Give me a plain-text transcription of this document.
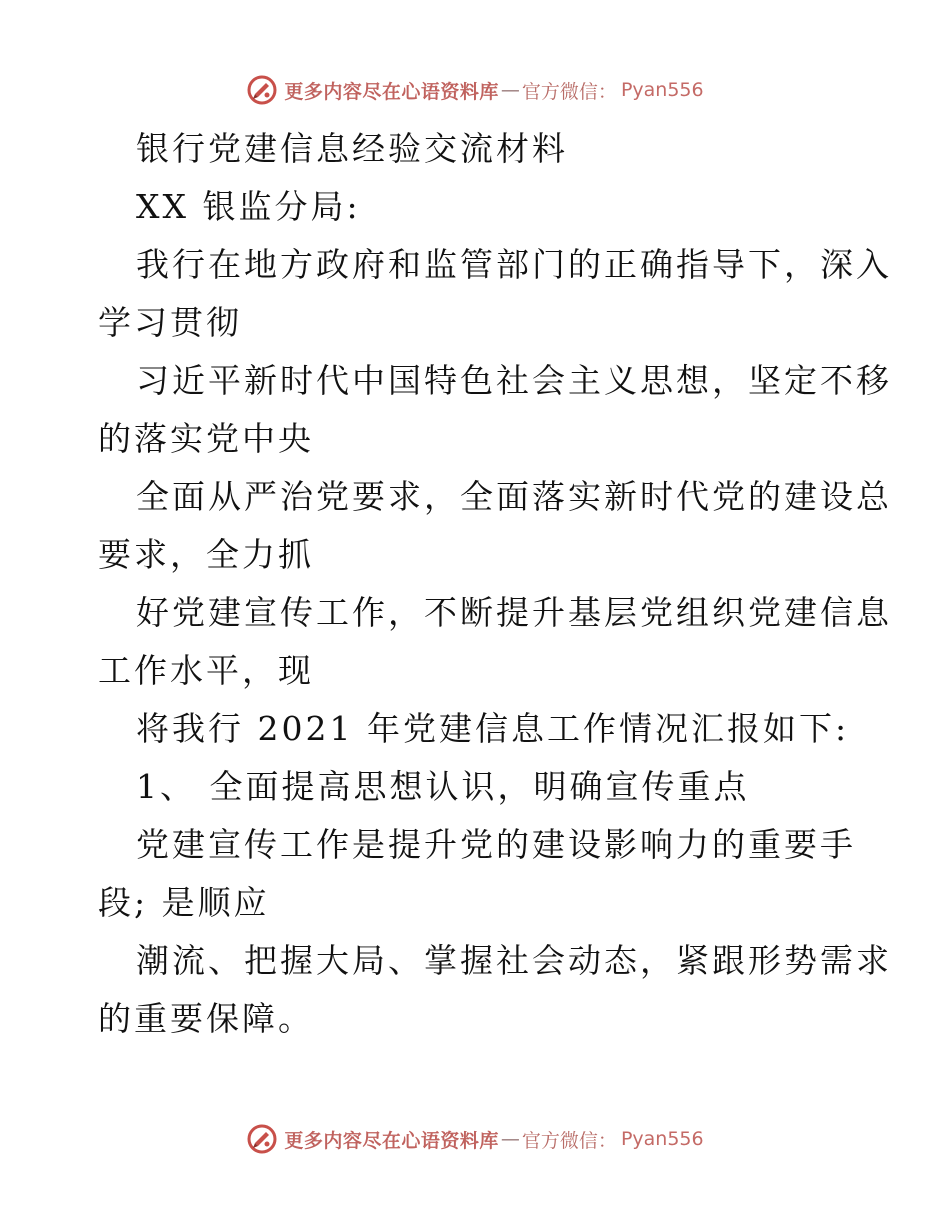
更多内容尽在心语资料库 — 官方微信： Pyan556
银行党建信息经验交流材料
XX 银监分局:
我行在地方政府和监管部门的正确指导下，深入
学习贯彻
习近平新时代中国特色社会主义思想，坚定不移
的落实党中央
全面从严治党要求，全面落实新时代党的建设总
要求，全力抓
好党建宣传工作，不断提升基层党组织党建信息
工作水平，现
将我行 2021 年党建信息工作情况汇报如下:
1、 全面提高思想认识，明确宣传重点
党建宣传工作是提升党的建设影响力的重要手
段; 是顺应
潮流、把握大局、掌握社会动态，紧跟形势需求
的重要保障。
更多内容尽在心语资料库 — 官方微信： Pyan556
